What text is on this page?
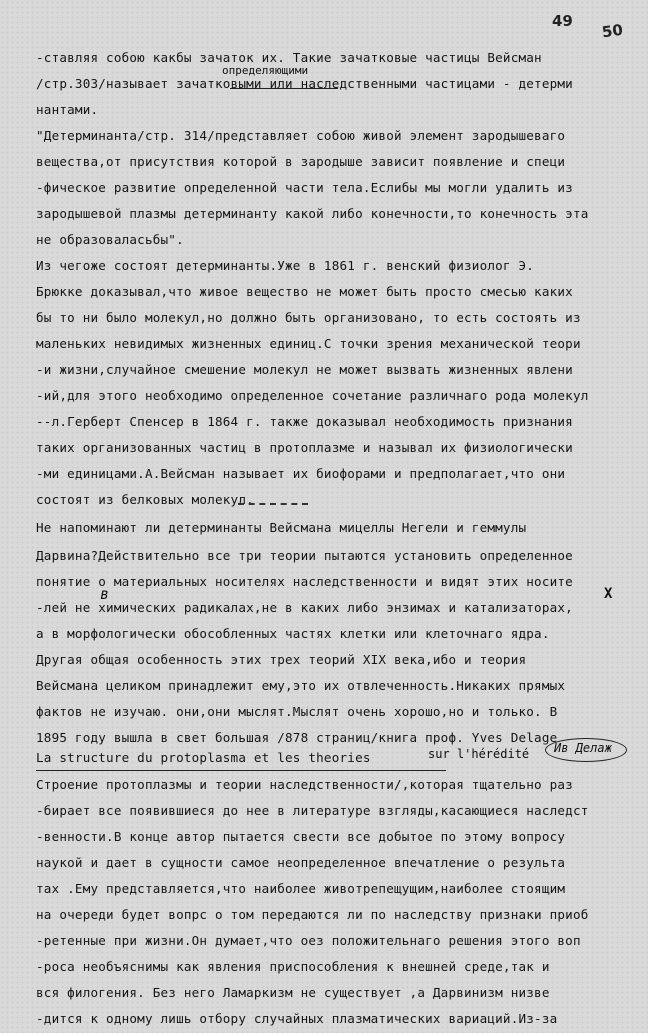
49 50
определяющими
-ставляя собою какбы зачаток их. Такие зачатковые частицы Вейсман
/стр.303/называет зачатковыми или наследственными частицами - детерми
нантами.
"Детерминанта/стр. 314/представляет собою живой элемент зародышеваго
вещества,от присутствия которой в зародыше зависит появление и специ
-фическое развитие определенной части тела.Еслибы мы могли удалить из
зародышевой плазмы детерминанту какой либо конечности,то конечность эта
не образоваласьбы".
Из чегоже состоят детерминанты.Уже в 1861 г. венский физиолог Э.
Брюкке доказывал,что живое вещество не может быть просто смесью каких
бы то ни было молекул,но должно быть организовано, то есть состоять из
маленьких невидимых жизненных единиц.С точки зрения механической теори
-и жизни,случайное смешение молекул не может вызвать жизненных явлени
-ий,для этого необходимо определенное сочетание различнаго рода молекул
--л.Герберт Спенсер в 1864 г. также доказывал необходимость признания
таких организованных частиц в протоплазме и называл их физиологически
-ми единицами.А.Вейсман называет их биофорами и предполагает,что они
состоят из белковых молекул.
Не напоминают ли детерминанты Вейсмана мицеллы Негели и геммулы
Дарвина?Действительно все три теории пытаются установить определенное
понятие о материальных носителях наследственности и видят этих носите
-лей не химических радикалах,не в каких либо энзимах и катализаторах,
а в морфологически обособленных частях клетки или клеточнаго ядра.
Другая общая особенность этих трех теорий XIX века,ибо и теория
Вейсмана целиком принадлежит ему,это их отвлеченность.Никаких прямых
фактов не изучаю. они,они мыслят.Мыслят очень хорошо,но и только. В
1895 году вышла в свет большая /878 страниц/книга проф. Yves Delage
La structure du protoplasma et les theories
Строение протоплазмы и теории наследственности/,которая тщательно раз
-бирает все появившиеся до нее в литературе взгляды,касающиеся наследст
-венности.В конце автор пытается свести все добытое по этому вопросу
наукой и дает в сущности самое неопределенное впечатление о результа
тах .Ему представляется,что наиболее животрепещущим,наиболее стоящим
на очереди будет вопрс о том передаются ли по наследству признаки приоб
-ретенные при жизни.Он думает,что оез положительнаго решения этого воп
-роса необъяснимы как явления приспособления к внешней среде,так и
вся филогения. Без него Ламаркизм не существует ,а Дарвинизм низве
-дится к одному лишь отбору случайных плазматических вариаций.Из-за
в	X
sur l'hérédité Ив Делаж
